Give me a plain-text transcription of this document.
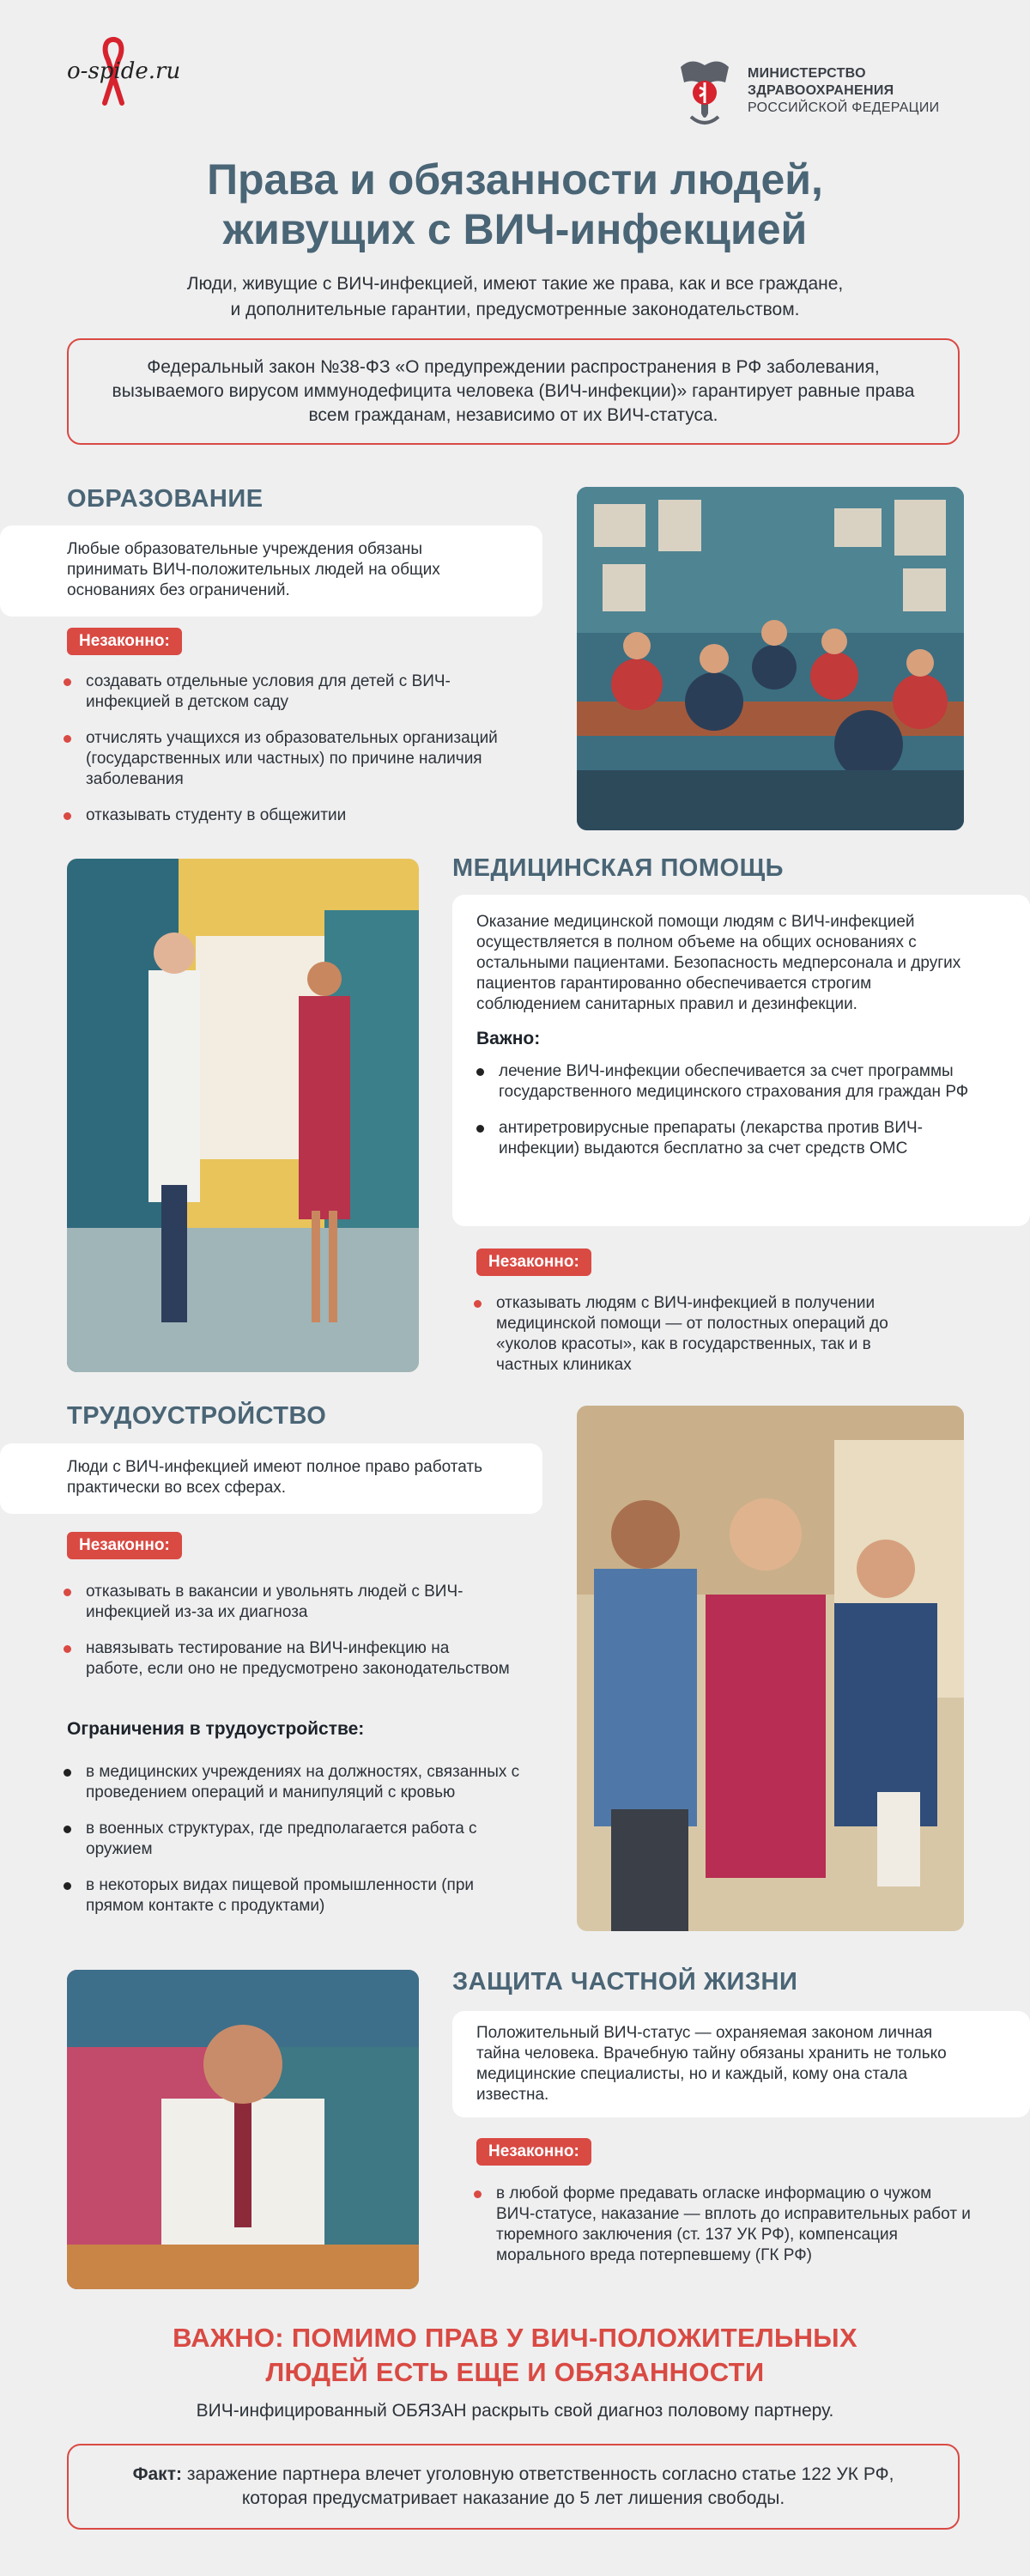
o-spide.ru	МИНИСТЕРСТВО
ЗДРАВООХРАНЕНИЯ
РОССИЙСКОЙ ФЕДЕРАЦИИ
Права и обязанности людей,
живущих с ВИЧ-инфекцией
Люди, живущие с ВИЧ-инфекцией, имеют такие же права, как и все граждане,
и дополнительные гарантии, предусмотренные законодательством.
Федеральный закон №38-ФЗ «О предупреждении распространения в РФ заболевания, вызываемого вирусом иммунодефицита человека (ВИЧ-инфекции)» гарантирует равные права всем гражданам, независимо от их ВИЧ-статуса.
ОБРАЗОВАНИЕ
Любые образовательные учреждения обязаны принимать ВИЧ-положительных людей на общих основаниях без ограничений.
Незаконно:
создавать отдельные условия для детей с ВИЧ-инфекцией в детском саду
отчислять учащихся из образовательных организаций (государственных или частных) по причине наличия заболевания
отказывать студенту в общежитии
МЕДИЦИНСКАЯ ПОМОЩЬ
Оказание медицинской помощи людям с ВИЧ-инфекцией осуществляется в полном объеме на общих основаниях с остальными пациентами. Безопасность медперсонала и других пациентов гарантированно обеспечивается строгим соблюдением санитарных правил и дезинфекции.
Важно:
лечение ВИЧ-инфекции обеспечивается за счет программы государственного медицинского страхования для граждан РФ
антиретровирусные препараты (лекарства против ВИЧ-инфекции) выдаются бесплатно за счет средств ОМС
Незаконно:
отказывать людям с ВИЧ-инфекцией в получении медицинской помощи — от полостных операций до «уколов красоты», как в государственных, так и в частных клиниках
ТРУДОУСТРОЙСТВО
Люди с ВИЧ-инфекцией имеют полное право работать практически во всех сферах.
Незаконно:
отказывать в вакансии и увольнять людей с ВИЧ-инфекцией из-за их диагноза
навязывать тестирование на ВИЧ-инфекцию на работе, если оно не предусмотрено законодательством
Ограничения в трудоустройстве:
в медицинских учреждениях на должностях, связанных с проведением операций и манипуляций с кровью
в военных структурах, где предполагается работа с оружием
в некоторых видах пищевой промышленности (при прямом контакте с продуктами)
ЗАЩИТА ЧАСТНОЙ ЖИЗНИ
Положительный ВИЧ-статус — охраняемая законом личная тайна человека. Врачебную тайну обязаны хранить не только медицинские специалисты, но и каждый, кому она стала известна.
Незаконно:
в любой форме предавать огласке информацию о чужом ВИЧ-статусе, наказание — вплоть до исправительных работ и тюремного заключения (ст. 137 УК РФ), компенсация морального вреда потерпевшему (ГК РФ)
ВАЖНО: ПОМИМО ПРАВ У ВИЧ-ПОЛОЖИТЕЛЬНЫХ
ЛЮДЕЙ ЕСТЬ ЕЩЕ И ОБЯЗАННОСТИ
ВИЧ-инфицированный ОБЯЗАН раскрыть свой диагноз половому партнеру.
Факт: заражение партнера влечет уголовную ответственность согласно статье 122 УК РФ, которая предусматривает наказание до 5 лет лишения свободы.
